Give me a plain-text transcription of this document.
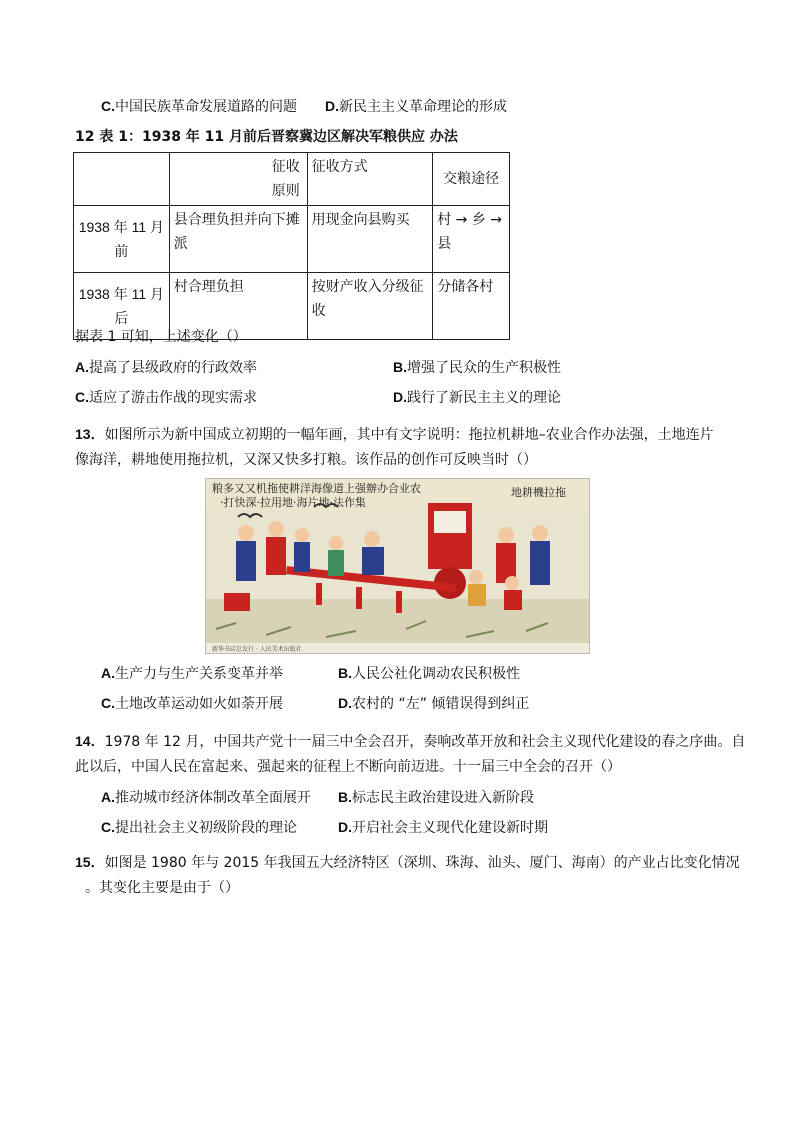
C.中国民族革命发展道路的问题 D.新民主主义革命理论的形成
12 表 1：1938 年 11 月前后晋察冀边区解决军粮供应 办法
	征收原则	征收方式	交粮途径

1938 年 11 月
前	县合理负担并向下摊派	用现金向县购买	村 → 乡 → 县

1938 年 11 月
后	村合理负担	按财产收入分级征收	分储各村
据表 1 可知，上述变化（）
A.提高了县级政府的行政效率	B.增强了民众的生产积极性
C.适应了游击作战的现实需求	D.践行了新民主主义的理论
13．如图所示为新中国成立初期的一幅年画，其中有文字说明：拖拉机耕地–农业合作办法强，土地连片
像海洋，耕地使用拖拉机，又深又快多打粮。该作品的创作可反映当时（）
粮多又又机拖使耕洋海像道上强辦办合业农
·打快深·拉用地·海片地·法作集
地耕機拉拖
新华书店总发行 · 人民美术出版社
A.生产力与生产关系变革并举	B.人民公社化调动农民积极性
C.土地改革运动如火如荼开展	D.农村的 “左” 倾错误得到纠正
14．1978 年 12 月，中国共产党十一届三中全会召开，奏响改革开放和社会主义现代化建设的春之序曲。自
此以后，中国人民在富起来、强起来的征程上不断向前迈进。十一届三中全会的召开（）
A.推动城市经济体制改革全面展开 B.标志民主政治建设进入新阶段
C.提出社会主义初级阶段的理论	D.开启社会主义现代化建设新时期
15．如图是 1980 年与 2015 年我国五大经济特区（深圳、珠海、汕头、厦门、海南）的产业占比变化情况
。其变化主要是由于（）
